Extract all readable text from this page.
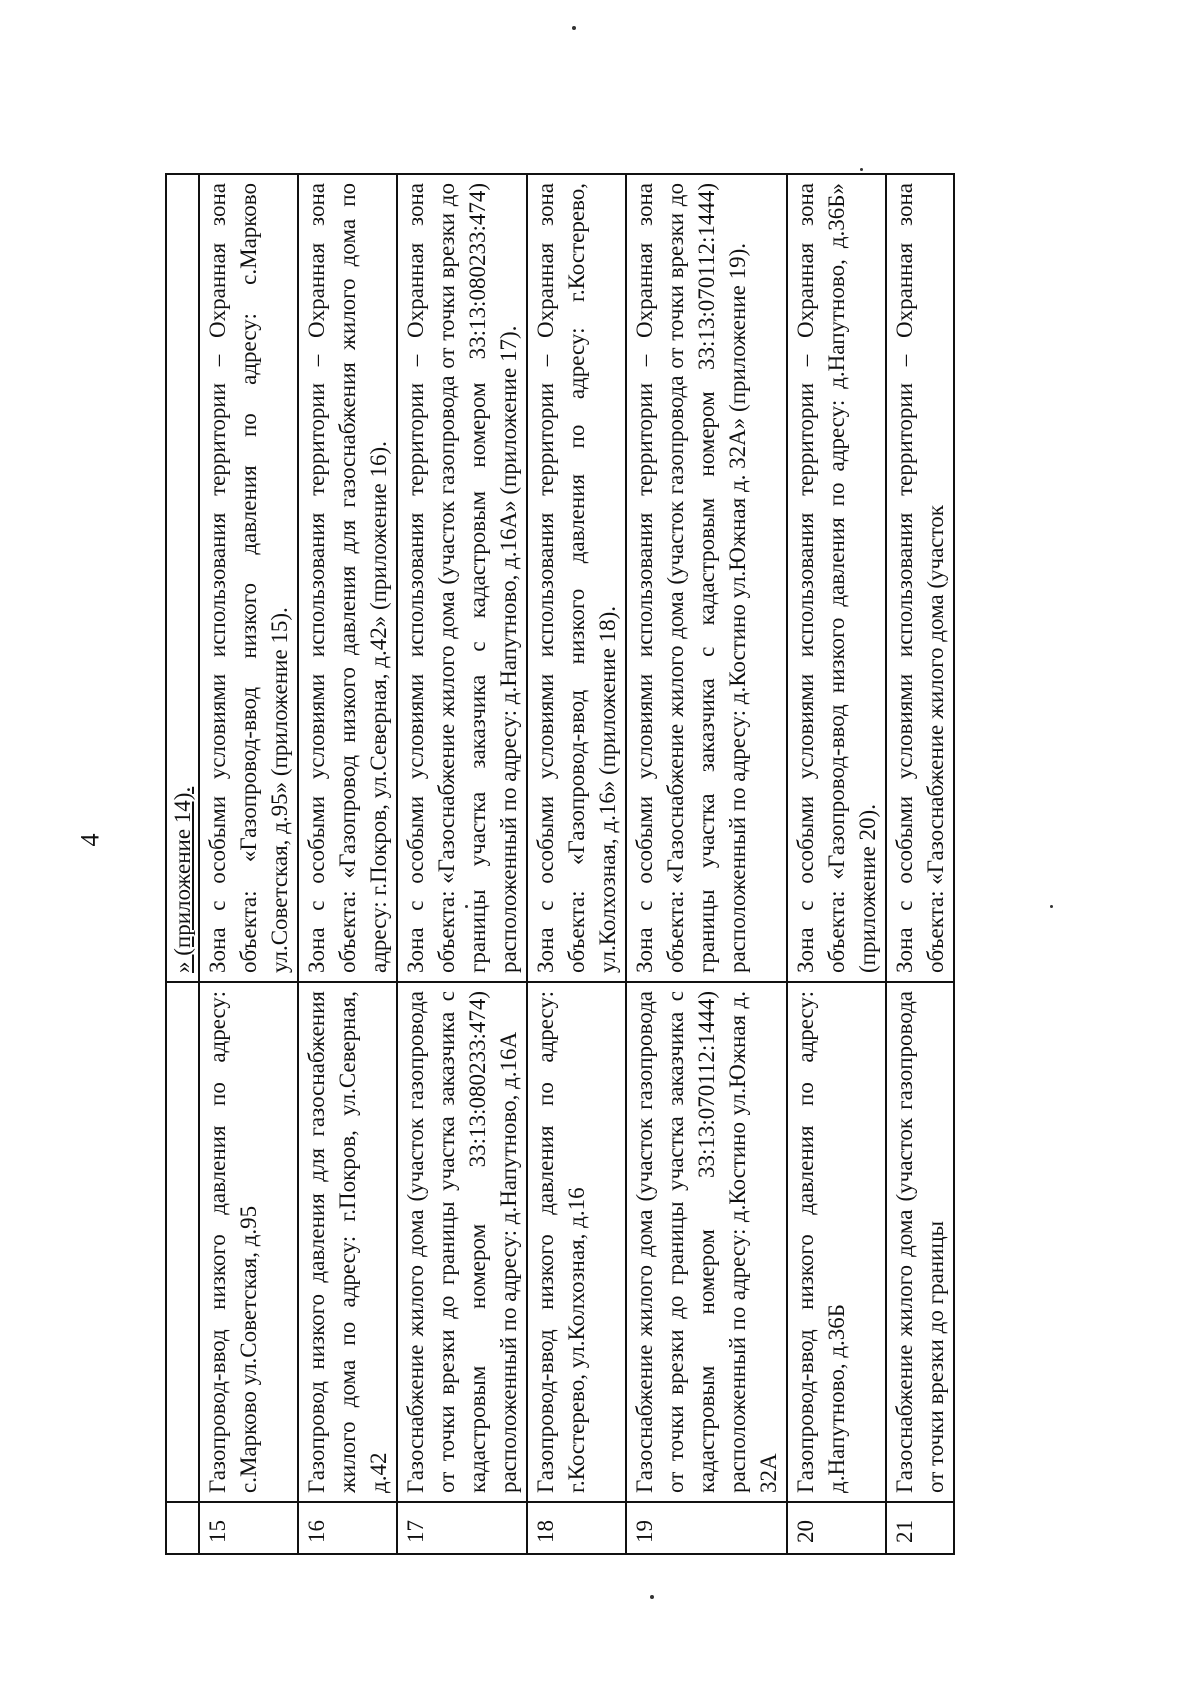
4
			» (приложение 14).
15	Газопровод-ввод низкого давления по адресу: с.Марково ул.Советская, д.95	Зона с особыми условиями использования территории – Охранная зона объекта: «Газопровод-ввод низкого давления по адресу: с.Марково ул.Советская, д.95» (приложение 15).
16	Газопровод низкого давления для газоснабжения жилого дома по адресу: г.Покров, ул.Северная, д.42	Зона с особыми условиями использования территории – Охранная зона объекта: «Газопровод низкого давления для газоснабжения жилого дома по адресу: г.Покров, ул.Северная, д.42» (приложение 16).
17	Газоснабжение жилого дома (участок газопровода от точки врезки до границы участка заказчика с кадастровым номером 33:13:080233:474) расположенный по адресу: д.Напутново, д.16А	Зона с особыми условиями использования территории – Охранная зона объекта: «Газоснабжение жилого дома (участок газопровода от точки врезки до границы участка заказчика с кадастровым номером 33:13:080233:474) расположенный по адресу: д.Напутново, д.16А» (приложение 17).
18	Газопровод-ввод низкого давления по адресу: г.Костерево, ул.Колхозная, д.16	Зона с особыми условиями использования территории – Охранная зона объекта: «Газопровод-ввод низкого давления по адресу: г.Костерево, ул.Колхозная, д.16» (приложение 18).
19	Газоснабжение жилого дома (участок газопровода от точки врезки до границы участка заказчика с кадастровым номером 33:13:070112:1444) расположенный по адресу: д.Костино ул.Южная д. 32А	Зона с особыми условиями использования территории – Охранная зона объекта: «Газоснабжение жилого дома (участок газопровода от точки врезки до границы участка заказчика с кадастровым номером 33:13:070112:1444) расположенный по адресу: д.Костино ул.Южная д. 32А» (приложение 19).
20	Газопровод-ввод низкого давления по адресу: д.Напутново, д.36Б	Зона с особыми условиями использования территории – Охранная зона объекта: «Газопровод-ввод низкого давления по адресу: д.Напутново, д.36Б» (приложение 20).
21	Газоснабжение жилого дома (участок газопровода от точки врезки до границы	Зона с особыми условиями использования территории – Охранная зона объекта: «Газоснабжение жилого дома (участок
